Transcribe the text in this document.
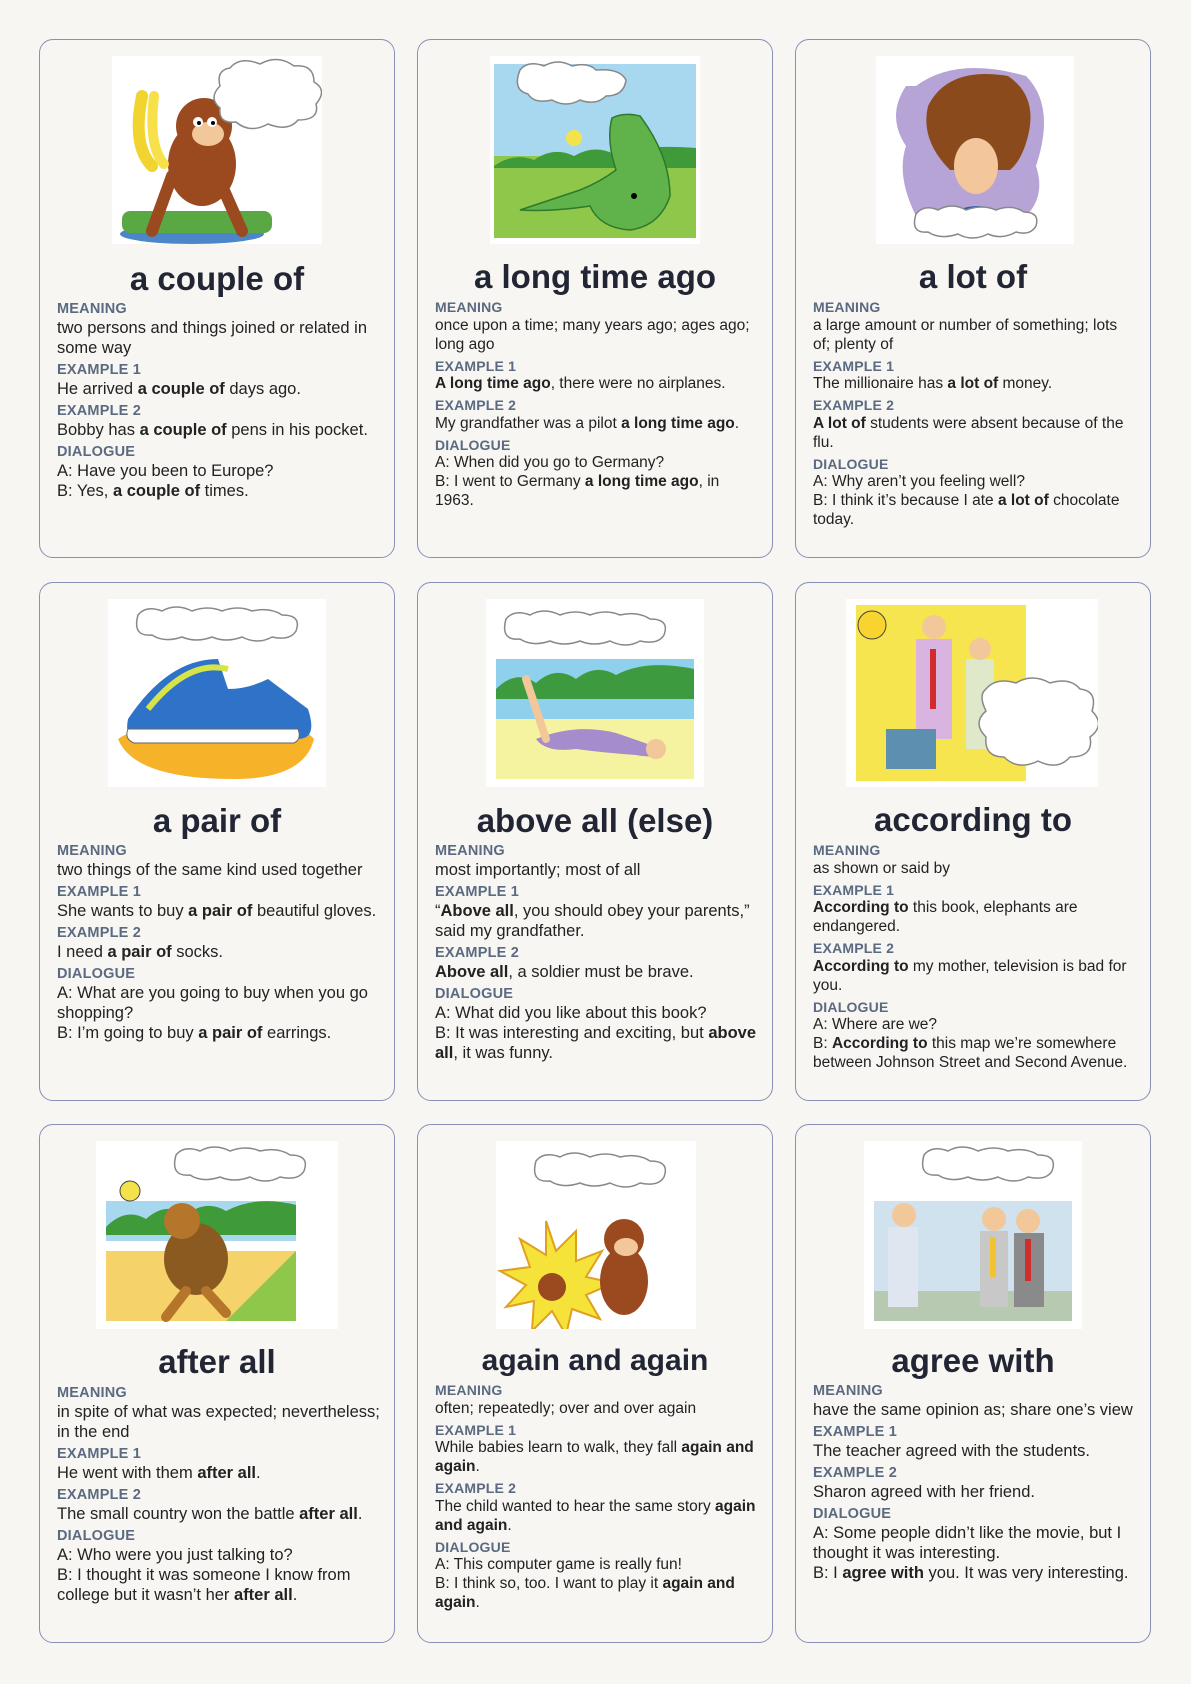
a couple of
MEANING
two persons and things joined or related in some way
EXAMPLE 1
He arrived a couple of days ago.
EXAMPLE 2
Bobby has a couple of pens in his pocket.
DIALOGUE
A: Have you been to Europe?
B: Yes, a couple of times.
a long time ago
MEANING
once upon a time; many years ago; ages ago; long ago
EXAMPLE 1
A long time ago, there were no airplanes.
EXAMPLE 2
My grandfather was a pilot a long time ago.
DIALOGUE
A: When did you go to Germany?
B: I went to Germany a long time ago, in 1963.
a lot of
MEANING
a large amount or number of something; lots of; plenty of
EXAMPLE 1
The millionaire has a lot of money.
EXAMPLE 2
A lot of students were absent because of the flu.
DIALOGUE
A: Why aren’t you feeling well?
B: I think it’s because I ate a lot of chocolate today.
a pair of
MEANING
two things of the same kind used together
EXAMPLE 1
She wants to buy a pair of beautiful gloves.
EXAMPLE 2
I need a pair of socks.
DIALOGUE
A: What are you going to buy when you go shopping?
B: I’m going to buy a pair of earrings.
above all (else)
MEANING
most importantly; most of all
EXAMPLE 1
“Above all, you should obey your parents,” said my grandfather.
EXAMPLE 2
Above all, a soldier must be brave.
DIALOGUE
A: What did you like about this book?
B: It was interesting and exciting, but above all, it was funny.
according to
MEANING
as shown or said by
EXAMPLE 1
According to this book, elephants are endangered.
EXAMPLE 2
According to my mother, television is bad for you.
DIALOGUE
A: Where are we?
B: According to this map we’re somewhere between Johnson Street and Second Avenue.
after all
MEANING
in spite of what was expected; nevertheless; in the end
EXAMPLE 1
He went with them after all.
EXAMPLE 2
The small country won the battle after all.
DIALOGUE
A: Who were you just talking to?
B: I thought it was someone I know from college but it wasn’t her after all.
again and again
MEANING
often; repeatedly; over and over again
EXAMPLE 1
While babies learn to walk, they fall again and again.
EXAMPLE 2
The child wanted to hear the same story again and again.
DIALOGUE
A: This computer game is really fun!
B: I think so, too. I want to play it again and again.
agree with
MEANING
have the same opinion as; share one’s view
EXAMPLE 1
The teacher agreed with the students.
EXAMPLE 2
Sharon agreed with her friend.
DIALOGUE
A: Some people didn’t like the movie, but I thought it was interesting.
B: I agree with you. It was very interesting.
